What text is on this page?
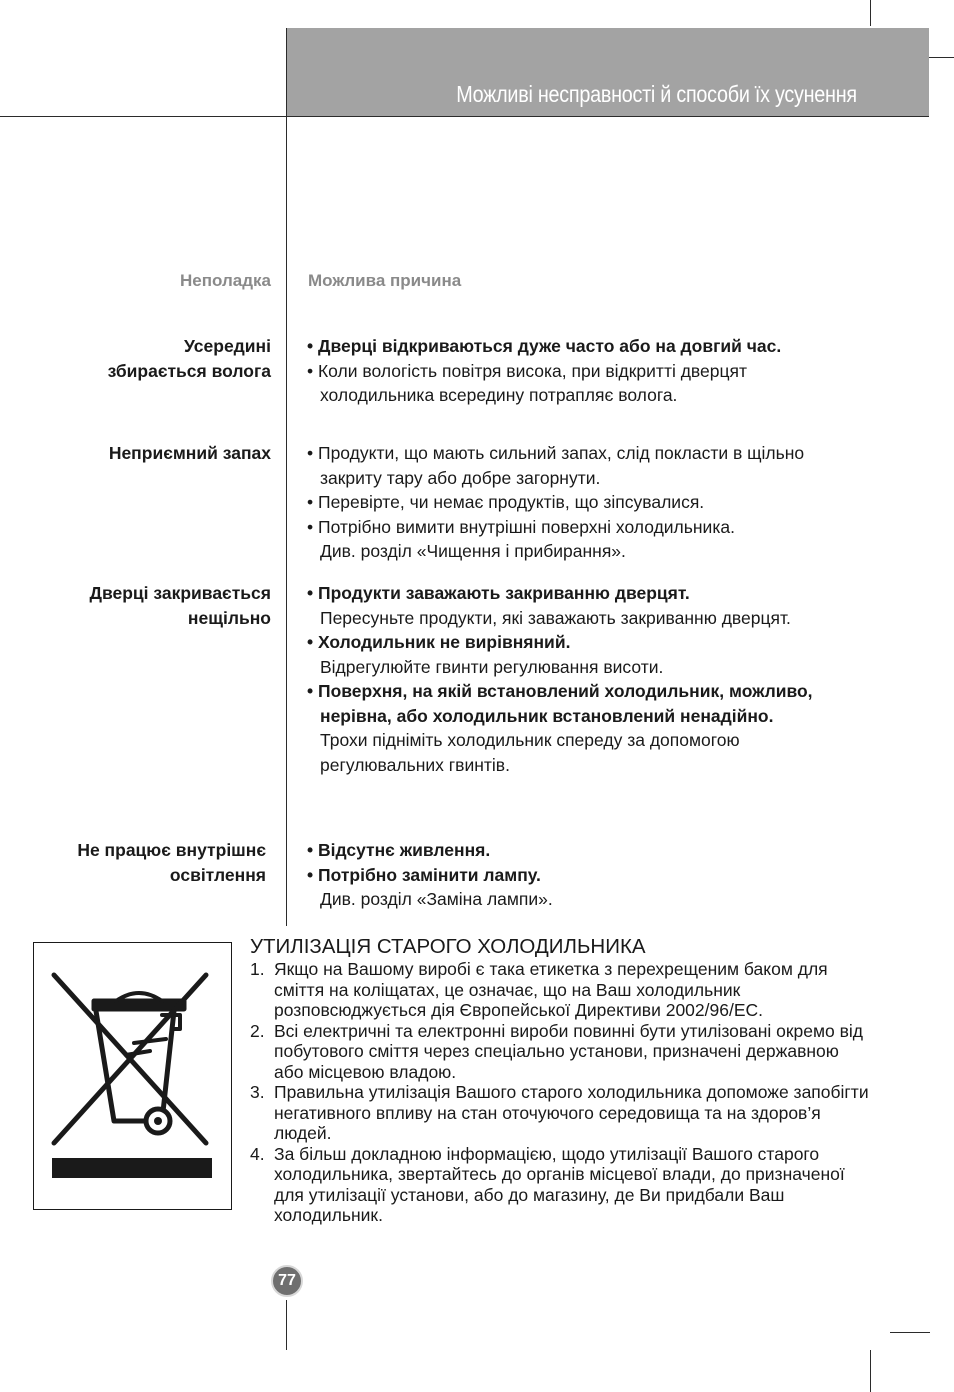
Можливі несправності й способи їх усунення
Неполадка Можлива причина
Усередині
збирається волога

• Дверці відкриваються дуже часто або на довгий час.

• Коли вологість повітря висока, при відкритті дверцят холодильника всередину потрапляє волога.

Неприємний запах • Продукти, що мають сильний запах, слід покласти в щільно закриту тару або добре загорнути.

• Перевірте, чи немає продуктів, що зіпсувалися.

• Потрібно вимити внутрішні поверхні холодильника.

Див. розділ «Чищення і прибирання».

Дверці закривається
нещільно

• Продукти заважають закриванню дверцят.

Пересуньте продукти, які заважають закриванню дверцят.

• Холодильник не вирівняний.

Відрегулюйте гвинти регулювання висоти.

• Поверхня, на якій встановлений холодильник, можливо, нерівна, або холодильник встановлений ненадійно.

Трохи підніміть холодильник спереду за допомогою регулювальних гвинтів.

Не працює внутрішнє
освітлення

• Відсутнє живлення.

• Потрібно замінити лампу.

Див. розділ «Заміна лампи».

УТИЛІЗАЦІЯ СТАРОГО ХОЛОДИЛЬНИКА
1. Якщо на Вашому виробі є така етикетка з перехрещеним баком для сміття на коліщатах, це означає, що на Ваш холодильник розповсюджується дія Європейської Директиви 2002/96/ЕС.
2. Всі електричні та електронні вироби повинні бути утилізовані окремо від побутового сміття через спеціально установи, призначені державною або місцевою владою.
3. Правильна утилізація Вашого старого холодильника допоможе запобігти негативного впливу на стан оточуючого середовища та на здоров’я людей.
4. За більш докладною інформацією, щодо утилізації Вашого старого холодильника, звертайтесь до органів місцевої влади, до призначеної для утилізації установи, або до магазину, де Ви придбали Ваш холодильник.
77
